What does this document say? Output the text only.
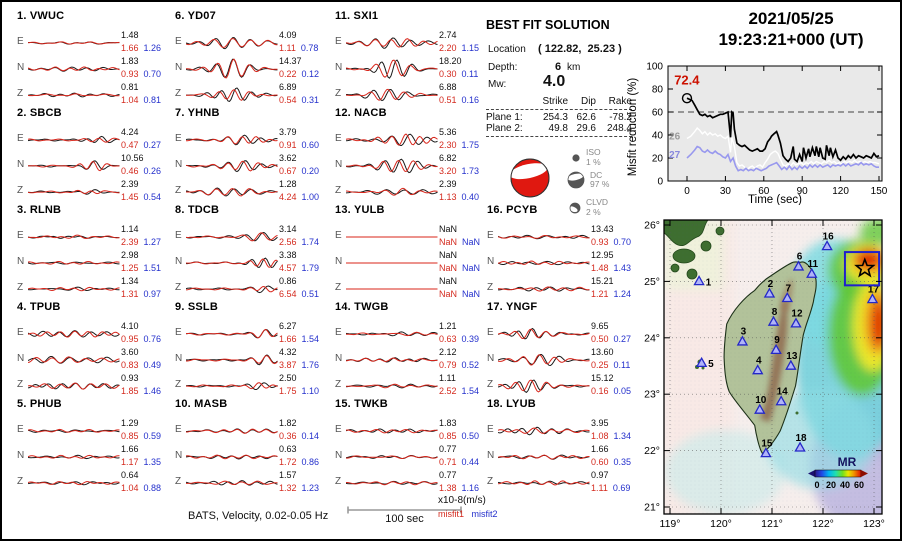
1. VWUC
E
1.48
1.66 1.26
N
1.83
0.93 0.70
Z
0.81
1.04 0.81
2. SBCB
E
4.24
0.47 0.27
N
10.56
0.46 0.26
Z
2.39
1.45 0.54
3. RLNB
E
1.14
2.39 1.27
N
2.98
1.25 1.51
Z
1.34
1.31 0.97
4. TPUB
E
4.10
0.95 0.76
N
3.60
0.83 0.49
Z
0.93
1.85 1.46
5. PHUB
E
1.29
0.85 0.59
N
1.66
1.17 1.35
Z
0.64
1.04 0.88
6. YD07
E
4.09
1.11 0.78
N
14.37
0.22 0.12
Z
6.89
0.54 0.31
7. YHNB
E
3.79
0.91 0.60
N
3.62
0.67 0.20
Z
1.28
4.24 1.00
8. TDCB
E
3.14
2.56 1.74
N
3.38
4.57 1.79
Z
0.86
6.54 0.51
9. SSLB
E
6.27
1.66 1.54
N
4.32
3.87 1.76
Z
2.50
1.75 1.10
10. MASB
E
1.82
0.36 0.14
N
0.63
1.72 0.86
Z
1.57
1.32 1.23
11. SXI1
E
2.74
2.20 1.15
N
18.20
0.30 0.11
Z
6.88
0.51 0.16
12. NACB
E
5.36
2.30 1.75
N
6.82
3.20 1.73
Z
2.39
1.13 0.40
13. YULB
E
NaN
NaN NaN
N
NaN
NaN NaN
Z
NaN
NaN NaN
14. TWGB
E
1.21
0.63 0.39
N
2.12
0.79 0.52
Z
1.11
2.52 1.54
15. TWKB
E
1.83
0.85 0.50
N
0.77
0.71 0.44
Z
0.77
1.38 1.16
16. PCYB
E
13.43
0.93 0.70
N
12.95
1.48 1.43
Z
15.21
1.21 1.24
17. YNGF
E
9.65
0.50 0.27
N
13.60
0.25 0.11
Z
15.12
0.16 0.05
18. LYUB
E
3.95
1.08 1.34
N
1.66
0.60 0.35
Z
0.97
1.11 0.69
BEST FIT SOLUTION
Location ( 122.82,  25.23 )
Depth:	6 km
Mw: 4.0
Strike	Dip	Rake
Plane 1:	254.3 62.6	-78.2
Plane 2:	49.8 29.6	248.4
ISO
1 %
DC
97 %
CLVD
2 %
2021/05/25
19:23:21+000 (UT)
0
20
40
60
80
100
0	30	60	90 120 150
72.4
26
27
Misfit reduction (%)
Time (sec)
1	2
3
4
5
6
7
8
9
10
11
12
13
14
15
16
17
18
119°	120°	121°	122°	123°
21°
22°
23°
24°
25°
26°
MR
0 20 40 60
BATS, Velocity, 0.02-0.05 Hz	100 sec
x10-8(m/s)
misfit1 misfit2
